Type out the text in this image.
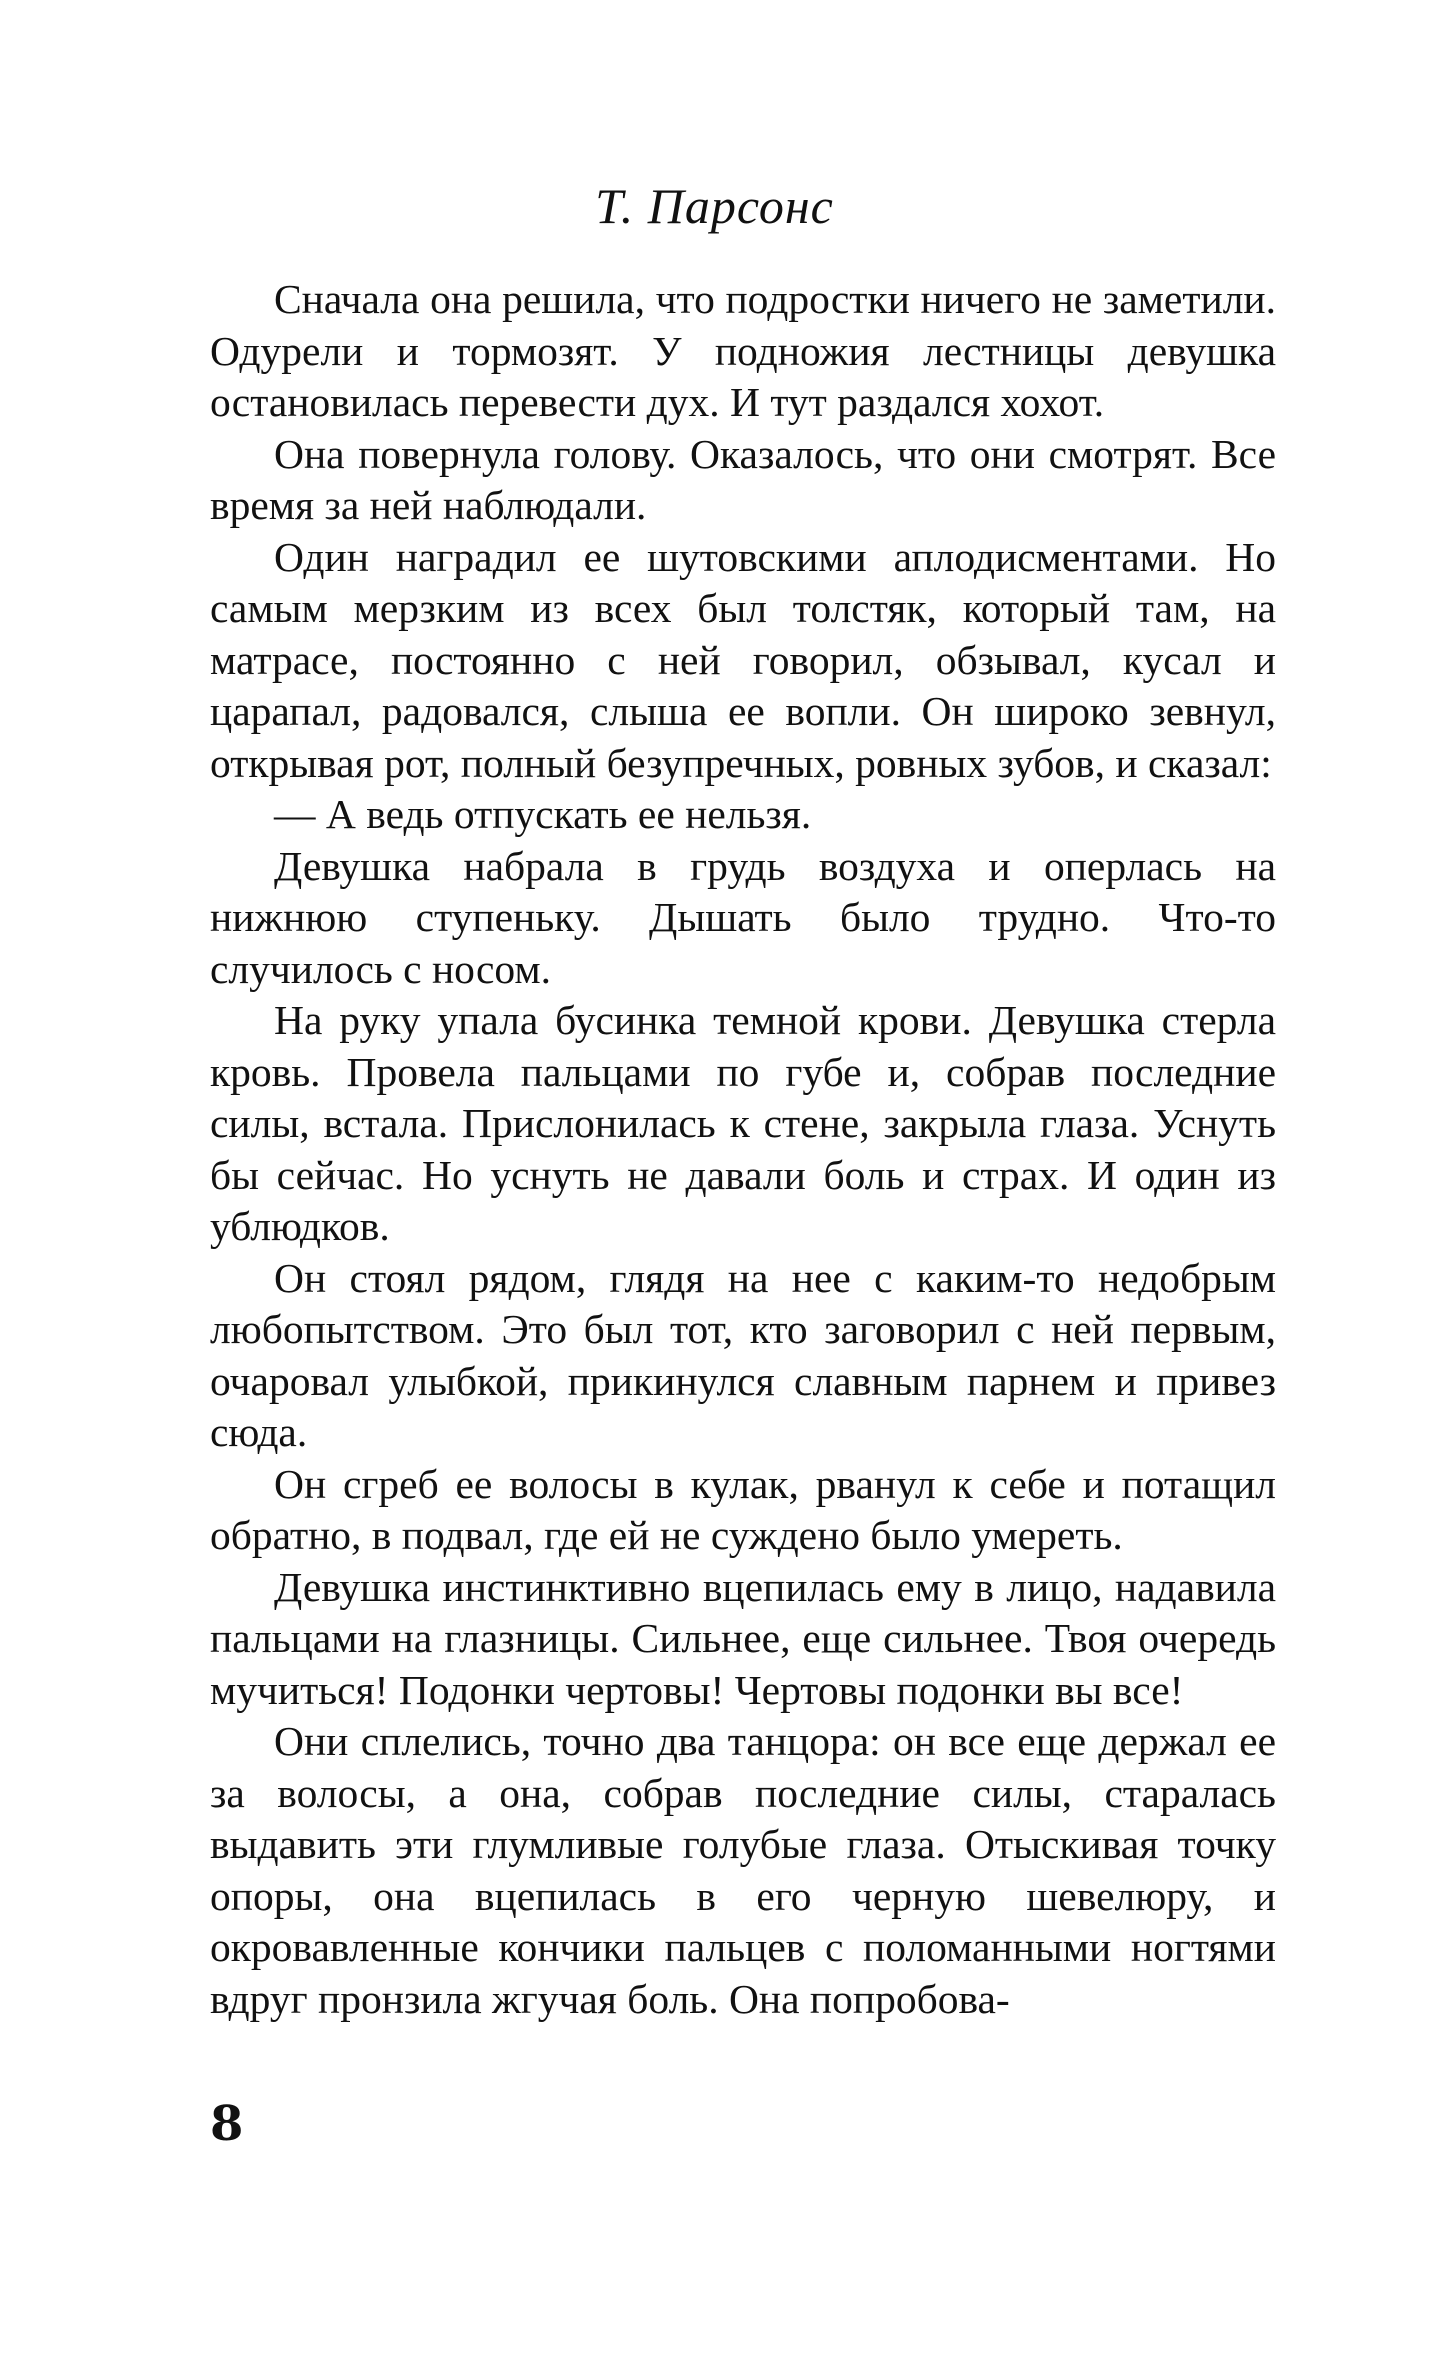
Т. Парсонс

Сначала она решила, что подростки ничего не заметили. Одурели и тормозят. У подножия лестницы девушка остановилась перевести дух. И тут раздался хохот.

Она повернула голову. Оказалось, что они смотрят. Все время за ней наблюдали.

Один наградил ее шутовскими аплодисментами. Но самым мерзким из всех был толстяк, который там, на матрасе, постоянно с ней говорил, обзывал, кусал и царапал, радовался, слыша ее вопли. Он широко зевнул, открывая рот, полный безупречных, ровных зубов, и сказал:

— А ведь отпускать ее нельзя.

Девушка набрала в грудь воздуха и оперлась на нижнюю ступеньку. Дышать было трудно. Что-то случилось с носом.

На руку упала бусинка темной крови. Девушка стерла кровь. Провела пальцами по губе и, собрав последние силы, встала. Прислонилась к стене, закрыла глаза. Уснуть бы сейчас. Но уснуть не давали боль и страх. И один из ублюдков.

Он стоял рядом, глядя на нее с каким-то недобрым любопытством. Это был тот, кто заговорил с ней первым, очаровал улыбкой, прикинулся славным парнем и привез сюда.

Он сгреб ее волосы в кулак, рванул к себе и потащил обратно, в подвал, где ей не суждено было умереть.

Девушка инстинктивно вцепилась ему в лицо, надавила пальцами на глазницы. Сильнее, еще сильнее. Твоя очередь мучиться! Подонки чертовы! Чертовы подонки вы все!

Они сплелись, точно два танцора: он все еще держал ее за волосы, а она, собрав последние силы, старалась выдавить эти глумливые голубые глаза. Отыскивая точку опоры, она вцепилась в его черную шевелюру, и окровавленные кончики пальцев с поломанными ногтями вдруг пронзила жгучая боль. Она попробова-

8
